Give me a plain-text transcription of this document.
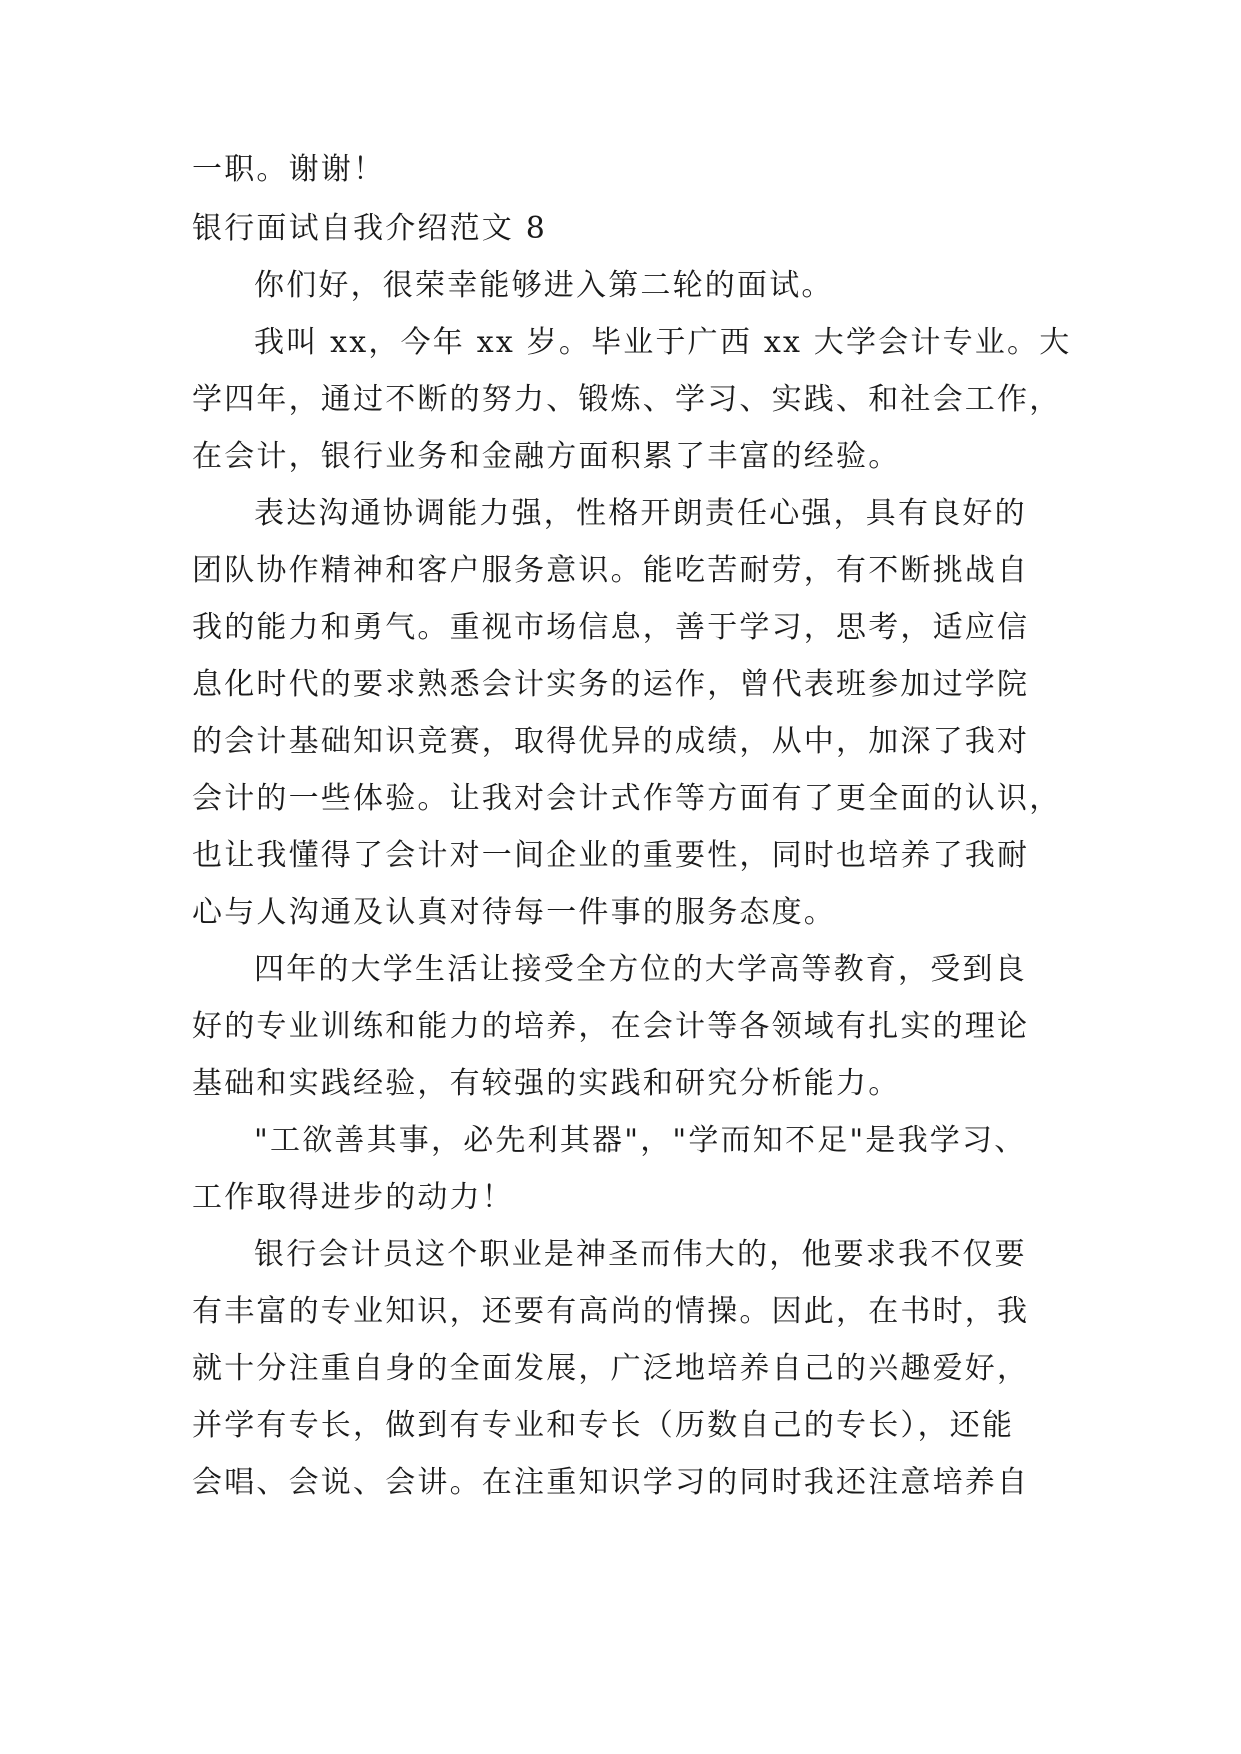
一职。谢谢！
银行面试自我介绍范文 8
你们好，很荣幸能够进入第二轮的面试。
我叫 xx，今年 xx 岁。毕业于广西 xx 大学会计专业。大
学四年，通过不断的努力、锻炼、学习、实践、和社会工作，
在会计，银行业务和金融方面积累了丰富的经验。
表达沟通协调能力强，性格开朗责任心强，具有良好的
团队协作精神和客户服务意识。能吃苦耐劳，有不断挑战自
我的能力和勇气。重视市场信息，善于学习，思考，适应信
息化时代的要求熟悉会计实务的运作，曾代表班参加过学院
的会计基础知识竞赛，取得优异的成绩，从中，加深了我对
会计的一些体验。让我对会计式作等方面有了更全面的认识，
也让我懂得了会计对一间企业的重要性，同时也培养了我耐
心与人沟通及认真对待每一件事的服务态度。
四年的大学生活让接受全方位的大学高等教育，受到良
好的专业训练和能力的培养，在会计等各领域有扎实的理论
基础和实践经验，有较强的实践和研究分析能力。
"工欲善其事，必先利其器"，"学而知不足"是我学习、
工作取得进步的动力！
银行会计员这个职业是神圣而伟大的，他要求我不仅要
有丰富的专业知识，还要有高尚的情操。因此，在书时，我
就十分注重自身的全面发展，广泛地培养自己的兴趣爱好，
并学有专长，做到有专业和专长（历数自己的专长），还能
会唱、会说、会讲。在注重知识学习的同时我还注意培养自
